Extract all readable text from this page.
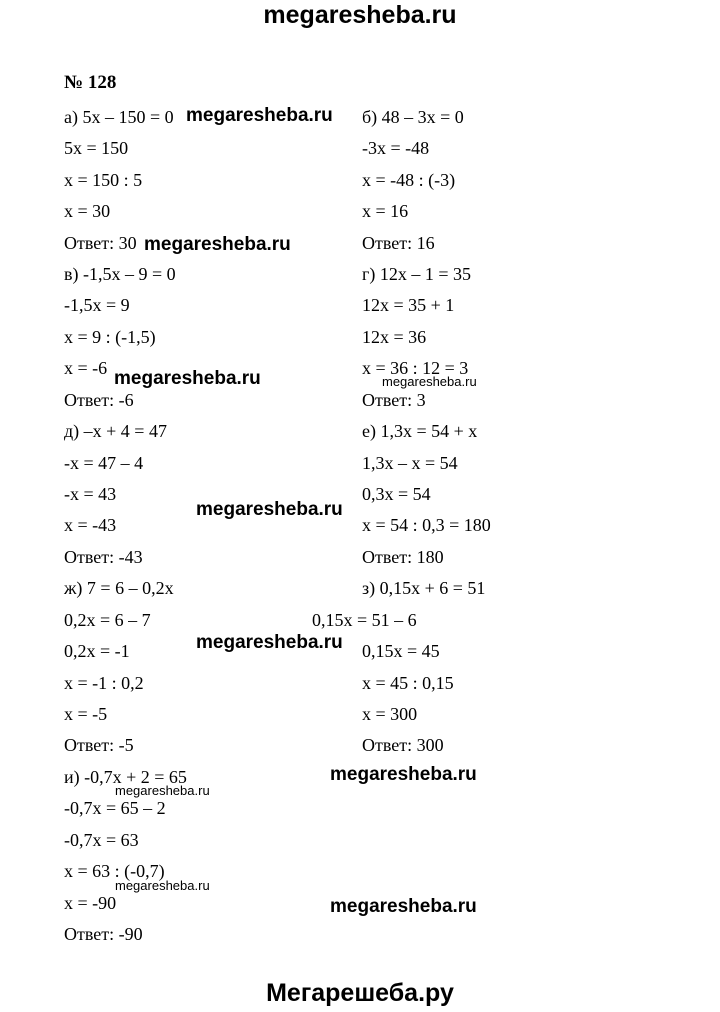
megaresheba.ru
№ 128
а) 5x – 150 = 0
5x = 150
x = 150 : 5
x = 30
Ответ: 30
в) -1,5x – 9 = 0
-1,5x = 9
x = 9 : (-1,5)
x = -6
Ответ: -6
д) –x + 4 = 47
-x = 47 – 4
-x = 43
x = -43
Ответ: -43
ж) 7 = 6 – 0,2x
0,2x = 6 – 7
0,2x = -1
x = -1 : 0,2
x = -5
Ответ: -5
и) -0,7x + 2 = 65
-0,7x = 65 – 2
-0,7x = 63
x = 63 : (-0,7)
x = -90
Ответ: -90
б) 48 – 3x = 0
-3x = -48
x = -48 : (-3)
x = 16
Ответ: 16
г) 12x – 1 = 35
12x = 35 + 1
12x = 36
x = 36 : 12 = 3
Ответ: 3
е) 1,3x = 54 + x
1,3x – x = 54
0,3x = 54
x = 54 : 0,3 = 180
Ответ: 180
з) 0,15x + 6 = 51
0,15x = 51 – 6
0,15x = 45
x = 45 : 0,15
x = 300
Ответ: 300
megaresheba.ru
megaresheba.ru
megaresheba.ru
megaresheba.ru
megaresheba.ru
megaresheba.ru
megaresheba.ru
megaresheba.ru
megaresheba.ru
megaresheba.ru
Мегарешеба.ру
